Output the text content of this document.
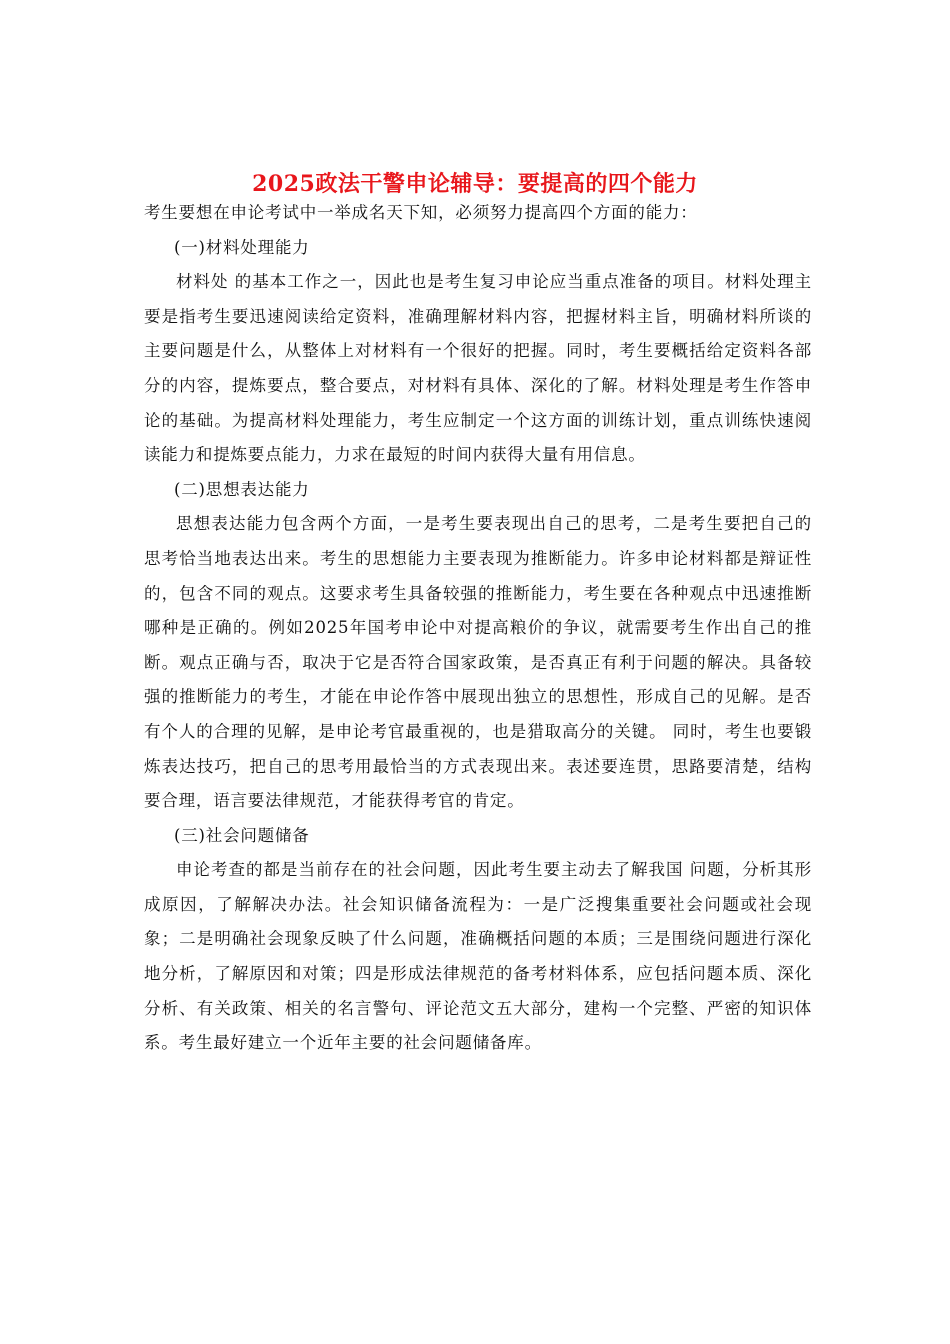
2025政法干警申论辅导：要提高的四个能力

考生要想在申论考试中一举成名天下知，必须努力提高四个方面的能力：

(一)材料处理能力

材料处 的基本工作之一，因此也是考生复习申论应当重点准备的项目。材料处理主要是指考生要迅速阅读给定资料，准确理解材料内容，把握材料主旨，明确材料所谈的主要问题是什么，从整体上对材料有一个很好的把握。同时，考生要概括给定资料各部分的内容，提炼要点，整合要点，对材料有具体、深化的了解。材料处理是考生作答申论的基础。为提高材料处理能力，考生应制定一个这方面的训练计划，重点训练快速阅读能力和提炼要点能力，力求在最短的时间内获得大量有用信息。

(二)思想表达能力

思想表达能力包含两个方面，一是考生要表现出自己的思考，二是考生要把自己的思考恰当地表达出来。考生的思想能力主要表现为推断能力。许多申论材料都是辩证性的，包含不同的观点。这要求考生具备较强的推断能力，考生要在各种观点中迅速推断哪种是正确的。例如2025年国考申论中对提高粮价的争议，就需要考生作出自己的推断。观点正确与否，取决于它是否符合国家政策，是否真正有利于问题的解决。具备较强的推断能力的考生，才能在申论作答中展现出独立的思想性，形成自己的见解。是否有个人的合理的见解，是申论考官最重视的，也是猎取高分的关键。 同时，考生也要锻炼表达技巧，把自己的思考用最恰当的方式表现出来。表述要连贯，思路要清楚，结构要合理，语言要法律规范，才能获得考官的肯定。

(三)社会问题储备

申论考查的都是当前存在的社会问题，因此考生要主动去了解我国 问题，分析其形成原因，了解解决办法。社会知识储备流程为：一是广泛搜集重要社会问题或社会现象；二是明确社会现象反映了什么问题，准确概括问题的本质；三是围绕问题进行深化地分析，了解原因和对策；四是形成法律规范的备考材料体系，应包括问题本质、深化分析、有关政策、相关的名言警句、评论范文五大部分，建构一个完整、严密的知识体系。考生最好建立一个近年主要的社会问题储备库。
